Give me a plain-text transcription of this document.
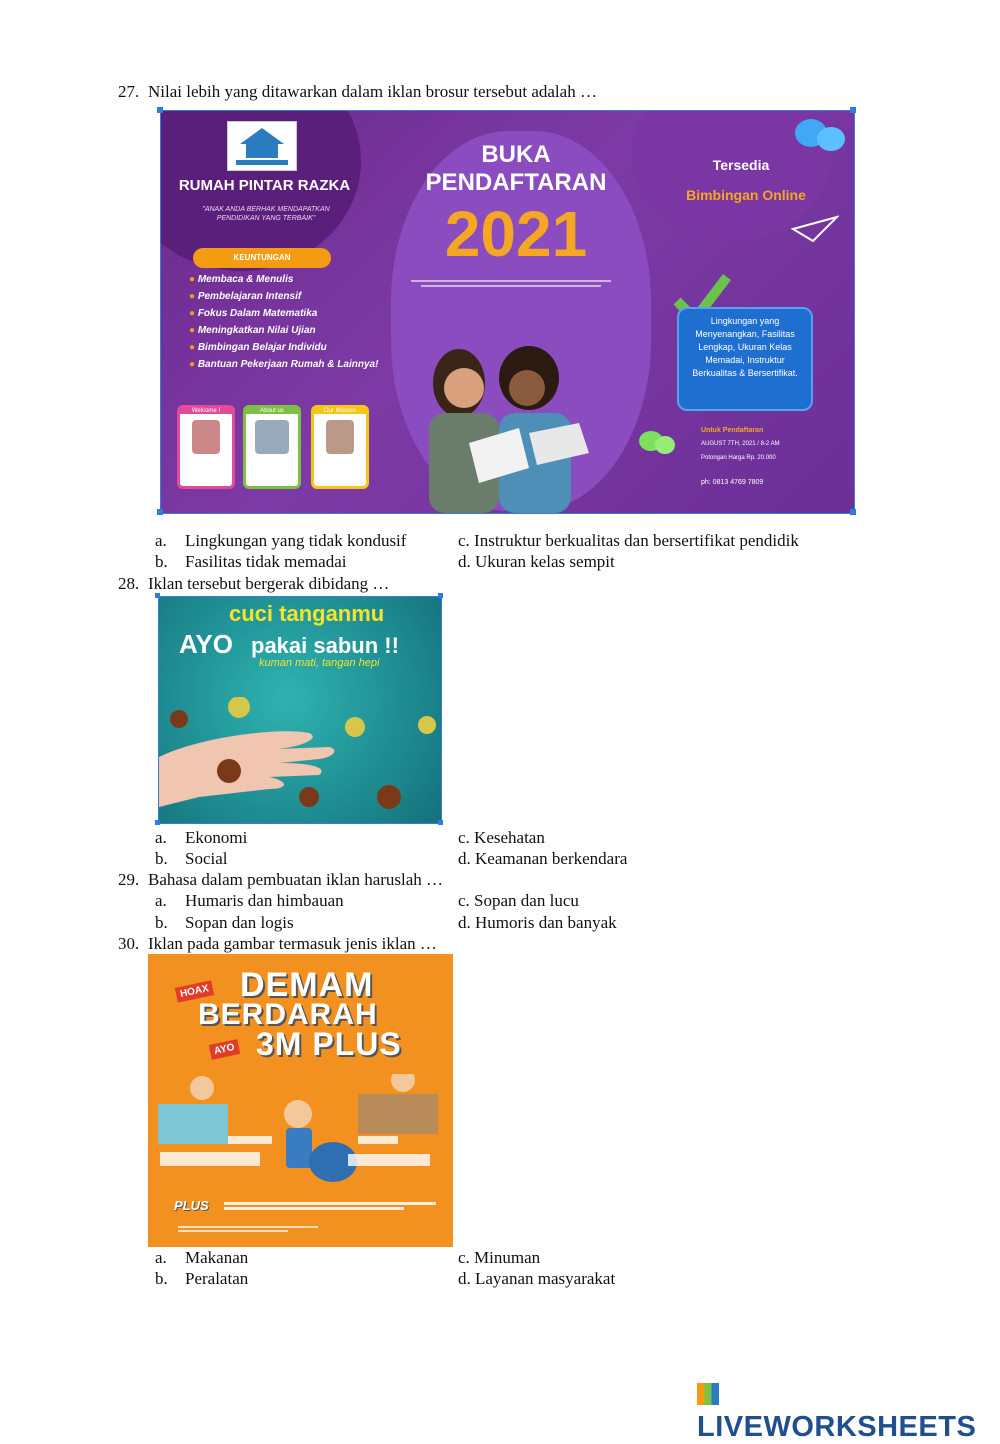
27. Nilai lebih yang ditawarkan dalam iklan brosur tersebut adalah …
RUMAH PINTAR RAZKA
"ANAK ANDA BERHAK MENDAPATKAN PENDIDIKAN YANG TERBAIK"
KEUNTUNGAN
● Membaca & Menulis
● Pembelajaran Intensif
● Fokus Dalam Matematika
● Meningkatkan Nilai Ujian
● Bimbingan Belajar Individu
● Bantuan Pekerjaan Rumah & Lainnya!
Welcome !	About us	Our Mission
BUKA
PENDAFTARAN
2021
Tersedia
Bimbingan Online
Lingkungan yang Menyenangkan, Fasilitas Lengkap, Ukuran Kelas Memadai, Instruktur Berkualitas & Bersertifikat.
Untuk Pendaftaran
AUGUST 7TH, 2021 / 8-2 AM
Potongan Harga Rp. 20.000
ph: 0813 4769 7809
a. Lingkungan yang tidak kondusif	c. Instruktur berkualitas dan bersertifikat pendidik
b. Fasilitas tidak memadai	d. Ukuran kelas sempit
28. Iklan tersebut bergerak dibidang …
cuci tanganmu
AYO pakai sabun !!
kuman mati, tangan hepi
a. Ekonomi	c. Kesehatan
b. Social	d. Keamanan berkendara
29. Bahasa dalam pembuatan iklan haruslah …
a. Humaris dan himbauan	c. Sopan dan lucu
b. Sopan dan logis	d. Humoris dan banyak
30. Iklan pada gambar termasuk jenis iklan …
HOAX DEMAM
BERDARAH
AYO 3M PLUS
PLUS
a. Makanan	c. Minuman
b. Peralatan	d. Layanan masyarakat
LIVEWORKSHEETS
